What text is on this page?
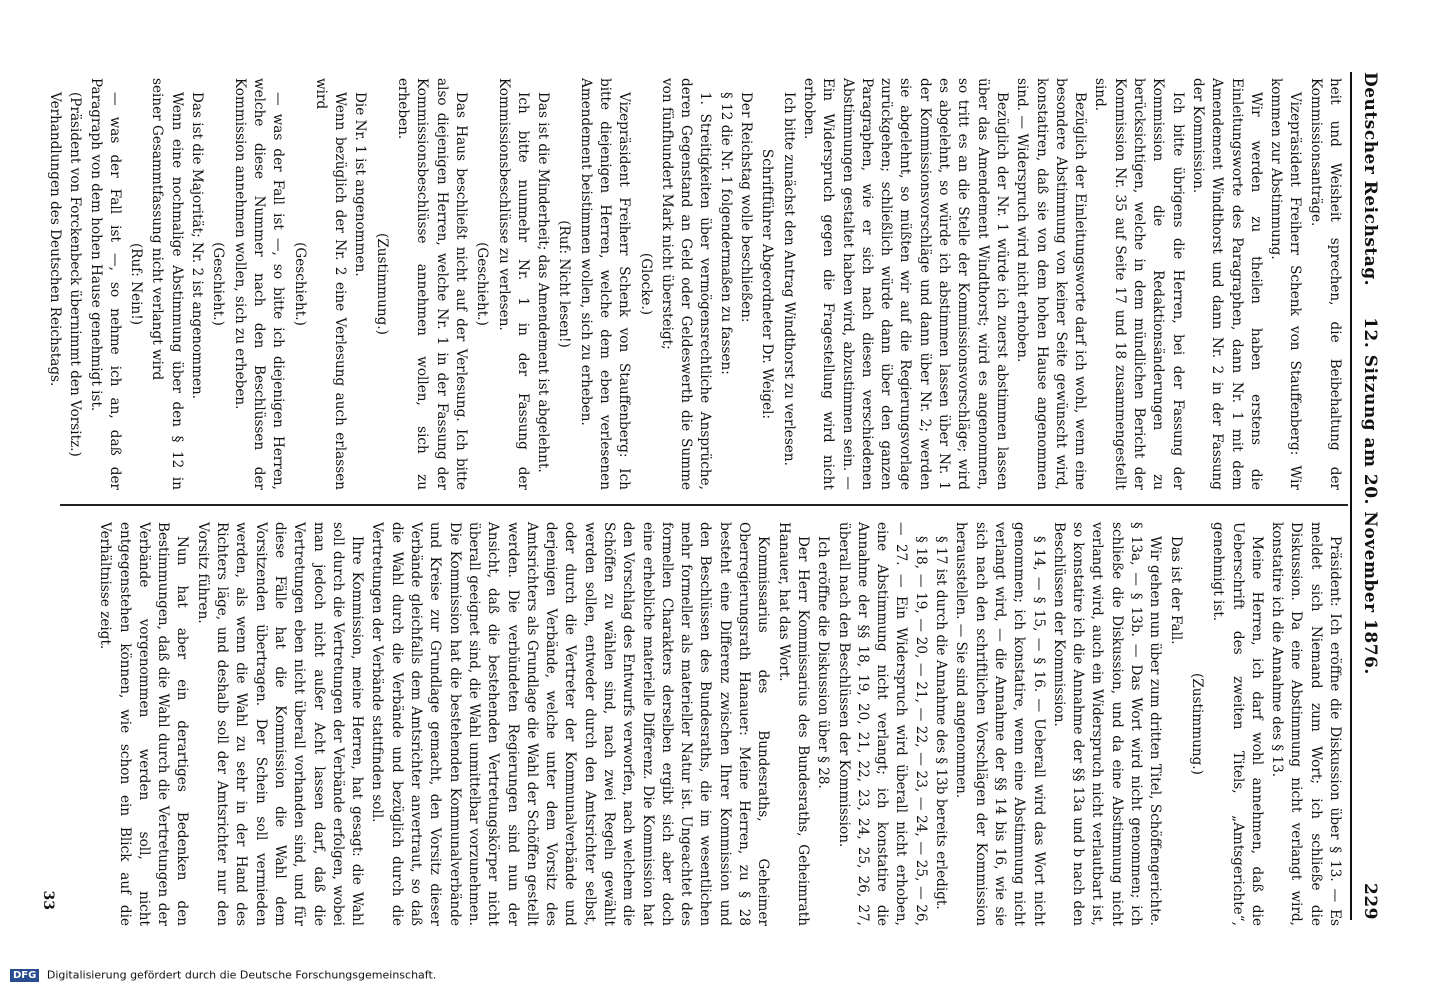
Deutscher Reichstag.
12. Sitzung am 20. November 1876.
229

heit und Weisheit sprechen, die Beibehaltung der Kommissionsanträge.

Vizepräsident Freiherr Schenk von Stauffenberg: Wir kommen zur Abstimmung.

Wir werden zu theilen haben erstens die Einleitungsworte des Paragraphen, dann Nr. 1 mit dem Amendement Windthorst und dann Nr. 2 in der Fassung der Kommission.

Ich bitte übrigens die Herren, bei der Fassung der Kommission die Redaktionsänderungen zu berücksichtigen, welche in dem mündlichen Bericht der Kommission Nr. 35 auf Seite 17 und 18 zusammengestellt sind.

Bezüglich der Einleitungsworte darf ich wohl, wenn eine besondere Abstimmung von keiner Seite gewünscht wird, konstatiren, daß sie von dem hohen Hause angenommen sind. — Widerspruch wird nicht erhoben.

Bezüglich der Nr. 1 würde ich zuerst abstimmen lassen über das Amendement Windthorst; wird es angenommen, so tritt es an die Stelle der Kommissionsvorschläge; wird es abgelehnt, so würde ich abstimmen lassen über Nr. 1 der Kommissionsvorschläge und dann über Nr. 2; werden sie abgelehnt, so müßten wir auf die Regierungsvorlage zurückgehen; schließlich würde dann über den ganzen Paragraphen, wie er sich nach diesen verschiedenen Abstimmungen gestaltet haben wird, abzustimmen sein. — Ein Widerspruch gegen die Fragestellung wird nicht erhoben.

Ich bitte zunächst den Antrag Windthorst zu verlesen.

Schriftführer Abgeordneter Dr. Weigel:

Der Reichstag wolle beschließen:

§ 12 die Nr. 1 folgendermaßen zu fassen:

1. Streitigkeiten über vermögensrechtliche Ansprüche, deren Gegenstand an Geld oder Geldeswerth die Summe von fünfhundert Mark nicht übersteigt;

(Glocke.)

Vizepräsident Freiherr Schenk von Stauffenberg: Ich bitte diejenigen Herren, welche dem eben verlesenen Amendement beistimmen wollen, sich zu erheben.

(Ruf: Nicht lesen!)

Das ist die Minderheit; das Amendement ist abgelehnt.

Ich bitte nunmehr Nr. 1 in der Fassung der Kommissionsbeschlüsse zu verlesen.

(Geschieht.)

Das Haus beschließt nicht auf der Verlesung. Ich bitte also diejenigen Herren, welche Nr. 1 in der Fassung der Kommissionsbeschlüsse annehmen wollen, sich zu erheben.

(Zustimmung.)

Die Nr. 1 ist angenommen.

Wenn bezüglich der Nr. 2 eine Verlesung auch erlassen wird

(Geschieht.)

— was der Fall ist —, so bitte ich diejenigen Herren, welche diese Nummer nach den Beschlüssen der Kommission annehmen wollen, sich zu erheben.

(Geschieht.)

Das ist die Majorität; Nr. 2 ist angenommen.

Wenn eine nochmalige Abstimmung über den § 12 in seiner Gesammtfassung nicht verlangt wird

(Ruf: Nein!)

— was der Fall ist —, so nehme ich an, daß der Paragraph von dem hohen Hause genehmigt ist.

(Präsident von Forckenbeck übernimmt den Vorsitz.)

Verhandlungen des Deutschen Reichstags.

Präsident: Ich eröffne die Diskussion über § 13. — Es meldet sich Niemand zum Wort; ich schließe die Diskussion. Da eine Abstimmung nicht verlangt wird, konstatire ich die Annahme des § 13.

Meine Herren, ich darf wohl annehmen, daß die Ueberschrift des zweiten Titels, „Amtsgerichte“, genehmigt ist.

(Zustimmung.)

Das ist der Fall.

Wir gehen nun über zum dritten Titel, Schöffengerichte. § 13a, — § 13b. — Das Wort wird nicht genommen; ich schließe die Diskussion, und da eine Abstimmung nicht verlangt wird, auch ein Widerspruch nicht verlautbart ist, so konstatire ich die Annahme der §§ 13a und b nach den Beschlüssen der Kommission.

§ 14, — § 15, — § 16. — Ueberall wird das Wort nicht genommen; ich konstatire, wenn eine Abstimmung nicht verlangt wird, — die Annahme der §§ 14 bis 16, wie sie sich nach den schriftlichen Vorschlägen der Kommission herausstellen. — Sie sind angenommen.

§ 17 ist durch die Annahme des § 13b bereits erledigt.

§ 18, — 19, — 20, — 21, — 22, — 23, — 24, — 25, — 26, — 27. — Ein Widerspruch wird überall nicht erhoben, eine Abstimmung nicht verlangt; ich konstatire die Annahme der §§ 18, 19, 20, 21, 22, 23, 24, 25, 26, 27, überall nach den Beschlüssen der Kommission.

Ich eröffne die Diskussion über § 28.

Der Herr Kommissarius des Bundesraths, Geheimrath Hanauer, hat das Wort.

Kommissarius des Bundesraths, Geheimer Oberregierungsrath Hanauer: Meine Herren, zu § 28 besteht eine Differenz zwischen Ihrer Kommission und den Beschlüssen des Bundesraths, die im wesentlichen mehr formeller als materieller Natur ist. Ungeachtet des formellen Charakters derselben ergibt sich aber doch eine erhebliche materielle Differenz. Die Kommission hat den Vorschlag des Entwurfs verworfen, nach welchem die Schöffen zu wählen sind, nach zwei Regeln gewählt werden sollen, entweder durch den Amtsrichter selbst, oder durch die Vertreter der Kommunalverbände und derjenigen Verbände, welche unter dem Vorsitz des Amtsrichters als Grundlage die Wahl der Schöffen gestellt werden. Die verbündeten Regierungen sind nun der Ansicht, daß die bestehenden Vertretungskörper nicht überall geeignet sind, die Wahl unmittelbar vorzunehmen. Die Kommission hat die bestehenden Kommunalverbände und Kreise zur Grundlage gemacht, den Vorsitz dieser Verbände gleichfalls dem Amtsrichter anvertraut, so daß die Wahl durch die Verbände und bezüglich durch die Vertretungen der Verbände stattfinden soll.

Ihre Kommission, meine Herren, hat gesagt: die Wahl soll durch die Vertretungen der Verbände erfolgen, wobei man jedoch nicht außer Acht lassen darf, daß die Vertretungen eben nicht überall vorhanden sind, und für diese Fälle hat die Kommission die Wahl dem Vorsitzenden übertragen. Der Schein soll vermieden werden, als wenn die Wahl zu sehr in der Hand des Richters läge, und deshalb soll der Amtsrichter nur den Vorsitz führen.

Nun hat aber ein derartiges Bedenken den Bestimmungen, daß die Wahl durch die Vertretungen der Verbände vorgenommen werden soll, nicht entgegenstehen können, wie schon ein Blick auf die Verhältnisse zeigt.

33
DFG Digitalisierung gefördert durch die Deutsche Forschungsgemeinschaft.
